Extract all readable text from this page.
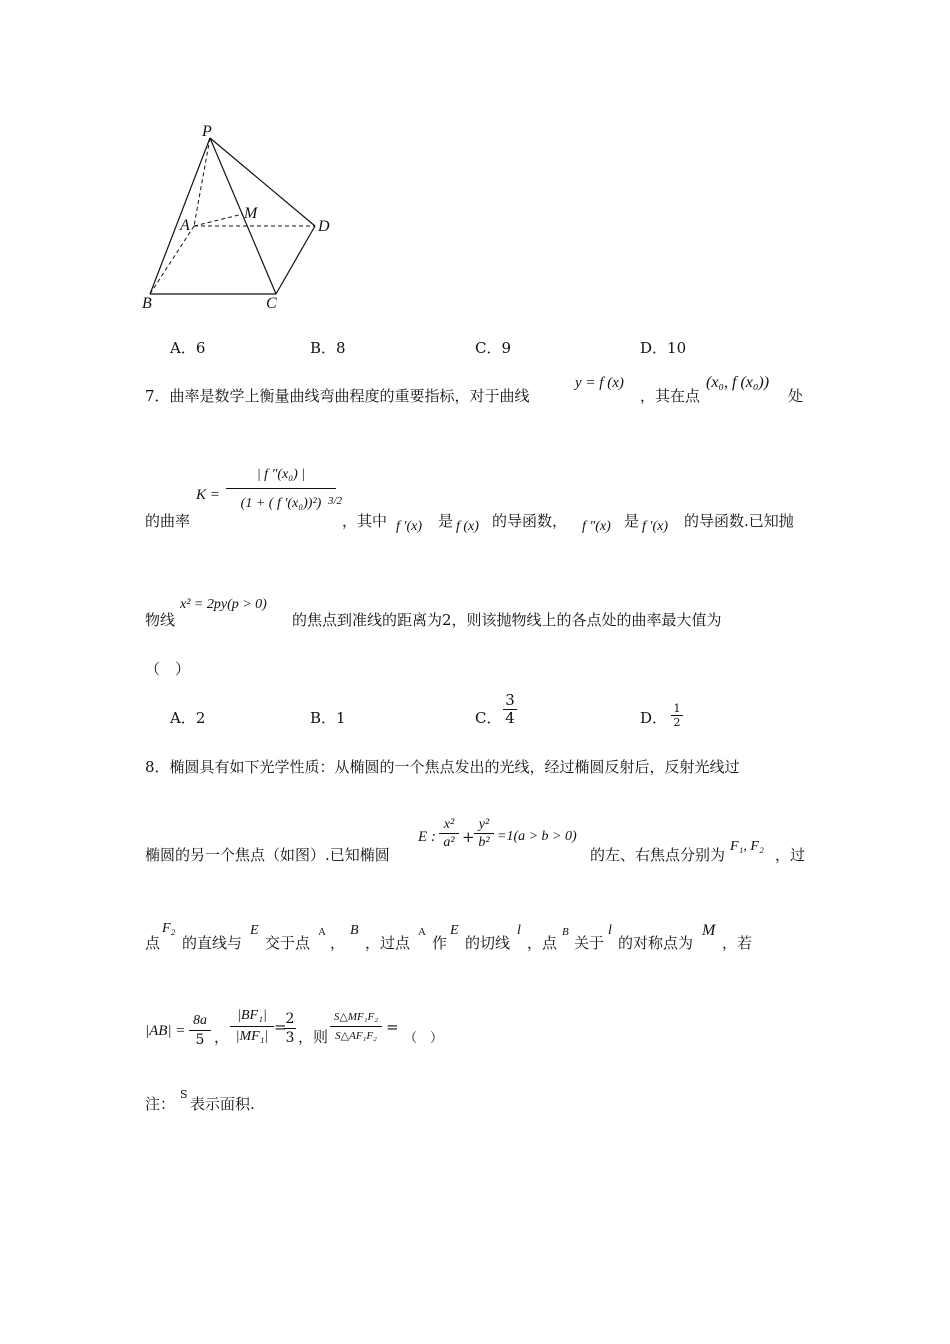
P
A
M
D
B	C
A．6	B．8	C．9	D．10
7．曲率是数学上衡量曲线弯曲程度的重要指标，对于曲线
y = f (x)
，其在点
(x₀, f (x₀))
处
的曲率
$K = \frac{\text{| f ″(x₀) |}}{\text{(1 + ( f ′(x₀))²)}}$
3/2
，其中 f ′(x) 是 f (x) 的导函数， f ″(x) 是 f ′(x) 的导函数.已知抛
物线
x² = 2py(p > 0)
的焦点到准线的距离为2，则该抛物线上的各点处的曲率最大值为
（　）
A．2	B．1	C． $\frac{3}{4}$	D． $\frac{1}{2}$
8．椭圆具有如下光学性质：从椭圆的一个焦点发出的光线，经过椭圆反射后，反射光线过
椭圆的另一个焦点（如图）.已知椭圆
E : $\frac{\text{x²}}{\text{a²}} + \frac{\text{y²}}{\text{b²}} =1(a > b > 0)$
的左、右焦点分别为 F₁, F₂ ，过
点
F₂
的直线与
E
交于点
A
，
B
，过点
A
作
E
的切线
l
，点
B
关于
l
的对称点为
M
，若
$|AB| = \frac{8a}{5}$ ， $\frac{\text{|BF₁|}}{\text{|MF₁|}}$ =
$\frac{2}{3}$ ，则 $\frac{\text{S△MF₁F₂}}{\text{S△AF₁F₂}}$ =
（　）
注：
S
表示面积.
